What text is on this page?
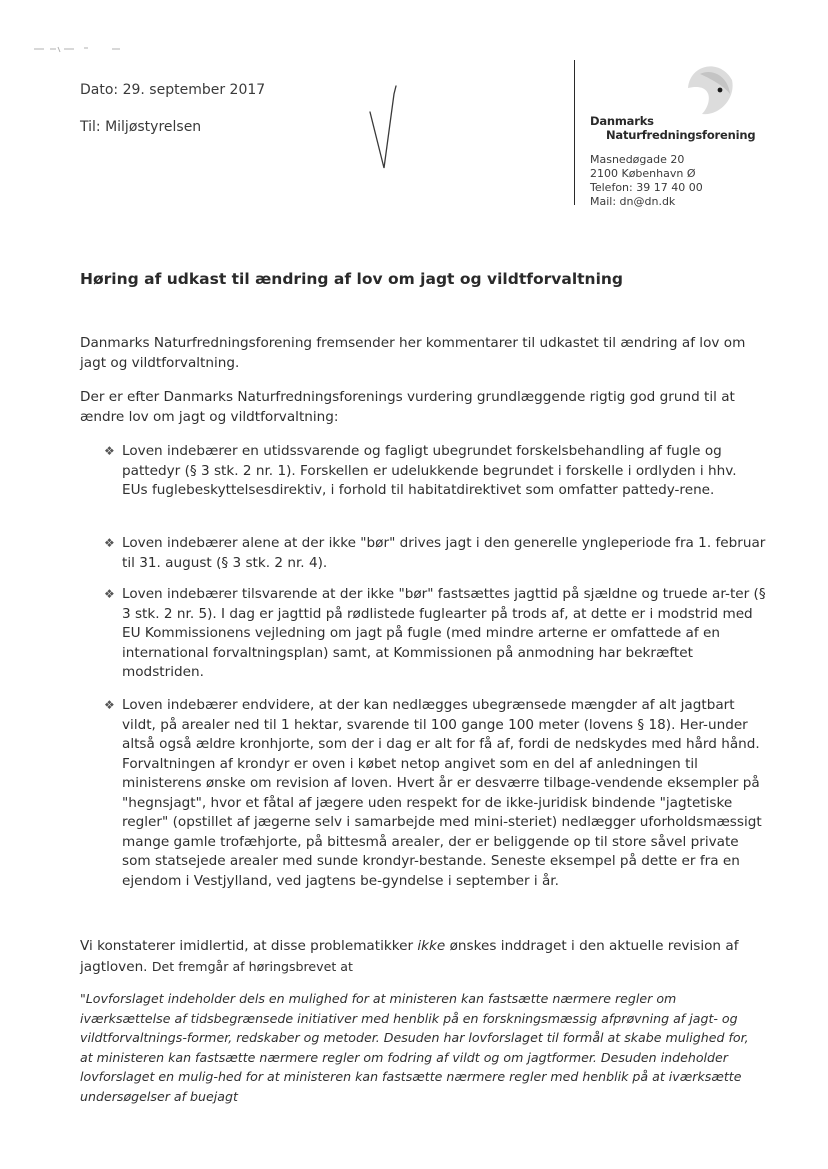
Dato: 29. september 2017
Til: Miljøstyrelsen	Danmarks
Naturfredningsforening
Masnedøgade 20
2100 København Ø
Telefon: 39 17 40 00
Mail: dn@dn.dk
Høring af udkast til ændring af lov om jagt og vildtforvaltning
Danmarks Naturfredningsforening fremsender her kommentarer til udkastet til ændring af lov om jagt og vildtforvaltning.
Der er efter Danmarks Naturfredningsforenings vurdering grundlæggende rigtig god grund til at ændre lov om jagt og vildtforvaltning:
❖ Loven indebærer en utidssvarende og fagligt ubegrundet forskelsbehandling af fugle og pattedyr (§ 3 stk. 2 nr. 1). Forskellen er udelukkende begrundet i forskelle i ordlyden i hhv. EUs fuglebeskyttelsesdirektiv, i forhold til habitatdirektivet som omfatter pattedy-rene.
❖ Loven indebærer alene at der ikke "bør" drives jagt i den generelle yngleperiode fra 1. februar til 31. august (§ 3 stk. 2 nr. 4).
❖ Loven indebærer tilsvarende at der ikke "bør" fastsættes jagttid på sjældne og truede ar-ter (§ 3 stk. 2 nr. 5). I dag er jagttid på rødlistede fuglearter på trods af, at dette er i modstrid med EU Kommissionens vejledning om jagt på fugle (med mindre arterne er omfattede af en international forvaltningsplan) samt, at Kommissionen på anmodning har bekræftet modstriden.
❖ Loven indebærer endvidere, at der kan nedlægges ubegrænsede mængder af alt jagtbart vildt, på arealer ned til 1 hektar, svarende til 100 gange 100 meter (lovens § 18). Her-under altså også ældre kronhjorte, som der i dag er alt for få af, fordi de nedskydes med hård hånd. Forvaltningen af krondyr er oven i købet netop angivet som en del af anledningen til ministerens ønske om revision af loven. Hvert år er desværre tilbage-vendende eksempler på "hegnsjagt", hvor et fåtal af jægere uden respekt for de ikke-juridisk bindende "jagtetiske regler" (opstillet af jægerne selv i samarbejde med mini-steriet) nedlægger uforholdsmæssigt mange gamle trofæhjorte, på bittesmå arealer, der er beliggende op til store såvel private som statsejede arealer med sunde krondyr-bestande. Seneste eksempel på dette er fra en ejendom i Vestjylland, ved jagtens be-gyndelse i september i år.
Vi konstaterer imidlertid, at disse problematikker ikke ønskes inddraget i den aktuelle revision af jagtloven. Det fremgår af høringsbrevet at
"Lovforslaget indeholder dels en mulighed for at ministeren kan fastsætte nærmere regler om iværksættelse af tidsbegrænsede initiativer med henblik på en forskningsmæssig afprøvning af jagt- og vildtforvaltnings-former, redskaber og metoder. Desuden har lovforslaget til formål at skabe mulighed for, at ministeren kan fastsætte nærmere regler om fodring af vildt og om jagtformer. Desuden indeholder lovforslaget en mulig-hed for at ministeren kan fastsætte nærmere regler med henblik på at iværksætte undersøgelser af buejagt
